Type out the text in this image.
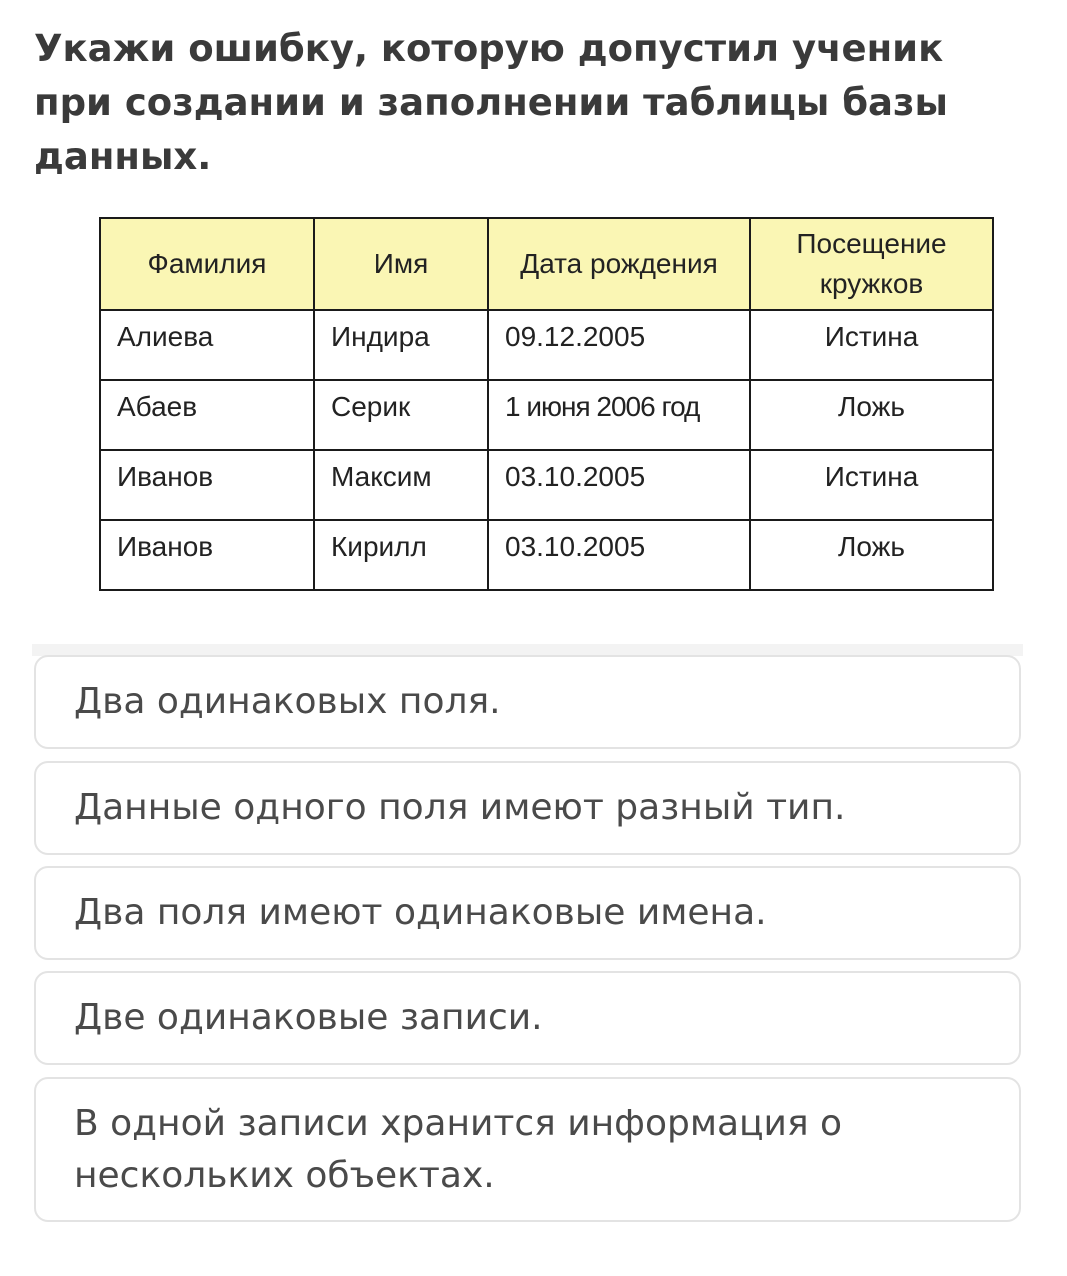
Укажи ошибку, которую допустил ученик при создании и заполнении таблицы базы данных.
Фамилия	Имя	Дата рождения	Посещение кружков
Алиева	Индира	09.12.2005	Истина
Абаев	Серик	1 июня 2006 год	Ложь
Иванов	Максим	03.10.2005	Истина
Иванов	Кирилл	03.10.2005	Ложь
Два одинаковых поля.
Данные одного поля имеют разный тип.
Два поля имеют одинаковые имена.
Две одинаковые записи.
В одной записи хранится информация о нескольких объектах.
